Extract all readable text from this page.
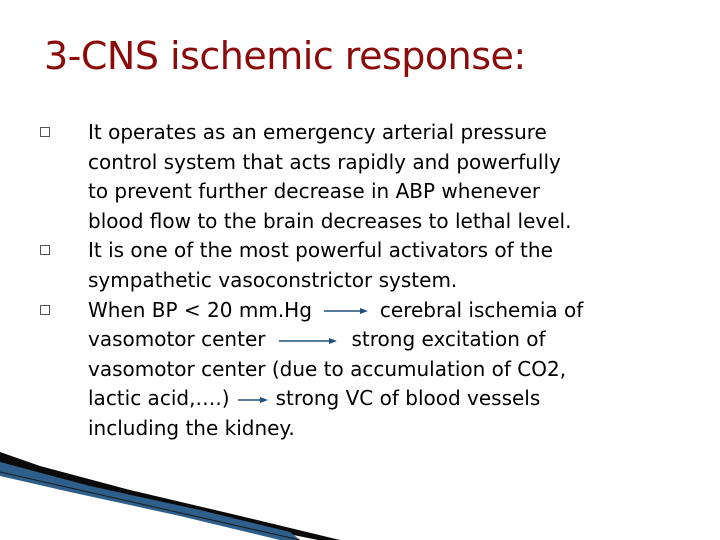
3-CNS ischemic response:
It operates as an emergency arterial pressure
control system that acts rapidly and powerfully
to prevent further decrease in ABP whenever
blood flow to the brain decreases to lethal level.
It is one of the most powerful activators of the
sympathetic vasoconstrictor system.
When BP < 20 mm.Hg	cerebral ischemia of
vasomotor center	strong excitation of
vasomotor center (due to accumulation of CO2,
lactic acid,….) strong VC of blood vessels
including the kidney.
